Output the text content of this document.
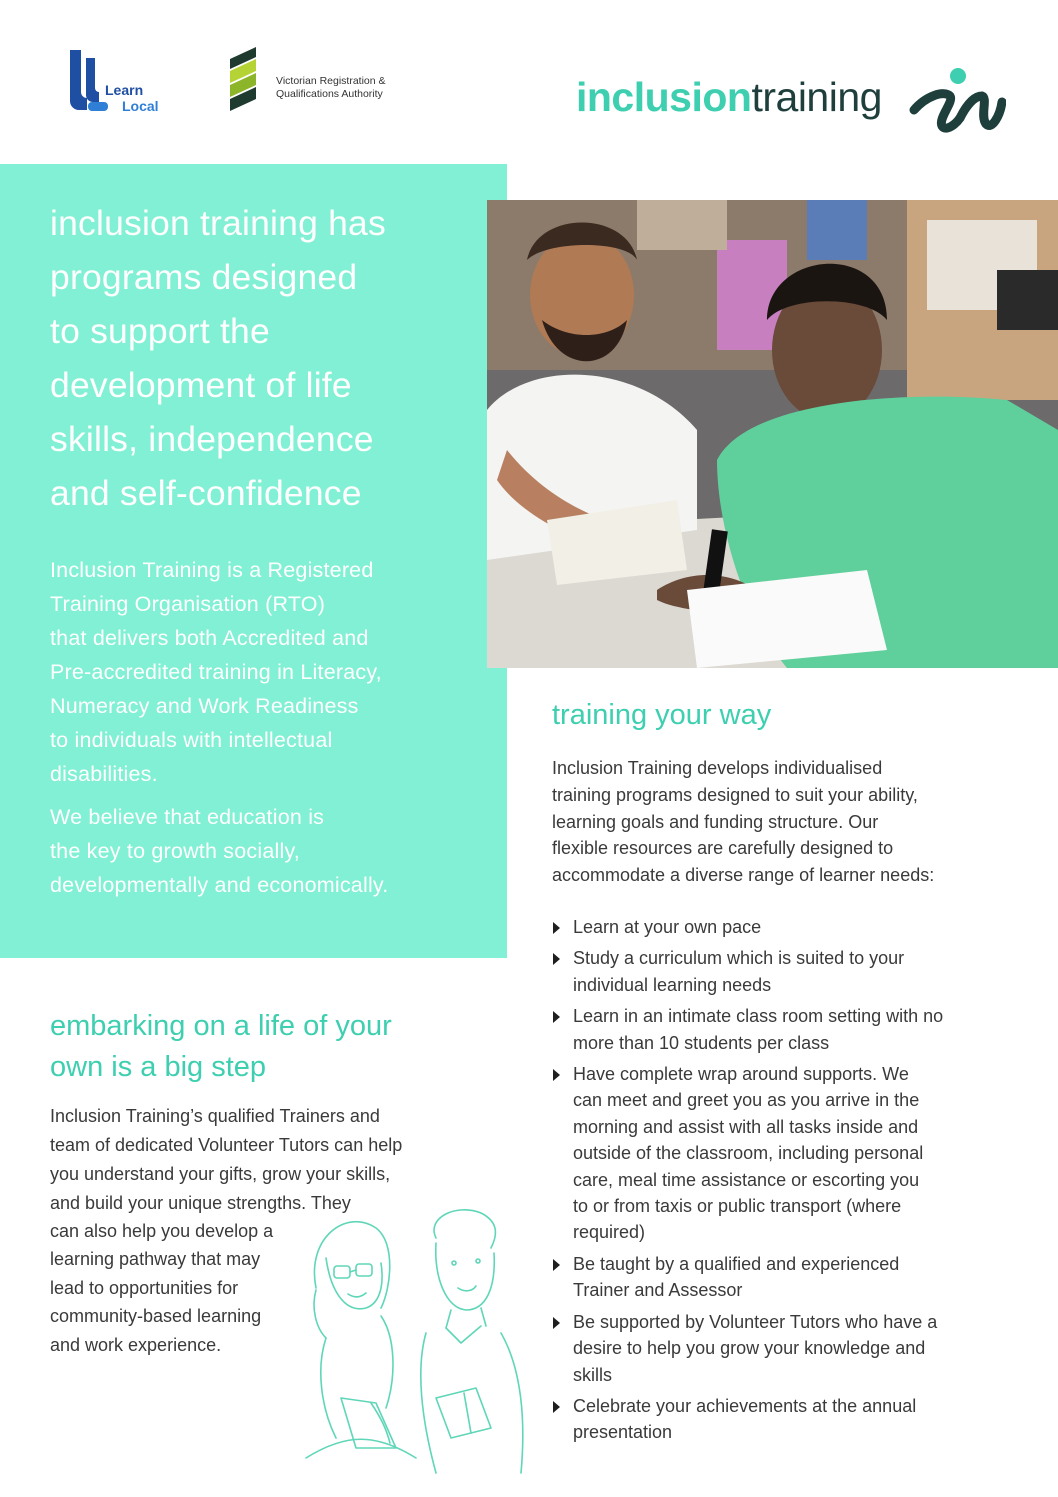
Learn
Local
Victorian Registration &
Qualifications Authority	inclusiontraining
inclusion training has
programs designed
to support the
development of life
skills, independence
and self-confidence

Inclusion Training is a Registered
Training Organisation (RTO)
that delivers both Accredited and
Pre-accredited training in Literacy,
Numeracy and Work Readiness
to individuals with intellectual
disabilities.

We believe that education is
the key to growth socially,
developmentally and economically.

training your way

Inclusion Training develops individualised
training programs designed to suit your ability,
learning goals and funding structure. Our
flexible resources are carefully designed to
accommodate a diverse range of learner needs:

Learn at your own pace
Study a curriculum which is suited to your
individual learning needs
Learn in an intimate class room setting with no
more than 10 students per class
Have complete wrap around supports. We
can meet and greet you as you arrive in the
morning and assist with all tasks inside and
outside of the classroom, including personal
care, meal time assistance or escorting you
to or from taxis or public transport (where
required)
Be taught by a qualified and experienced
Trainer and Assessor
Be supported by Volunteer Tutors who have a
desire to help you grow your knowledge and
skills
Celebrate your achievements at the annual
presentation
embarking on a life of your
own is a big step

Inclusion Training’s qualified Trainers and

team of dedicated Volunteer Tutors can help

you understand your gifts, grow your skills,

and build your unique strengths. They

can also help you develop a

learning pathway that may

lead to opportunities for

community-based learning

and work experience.
